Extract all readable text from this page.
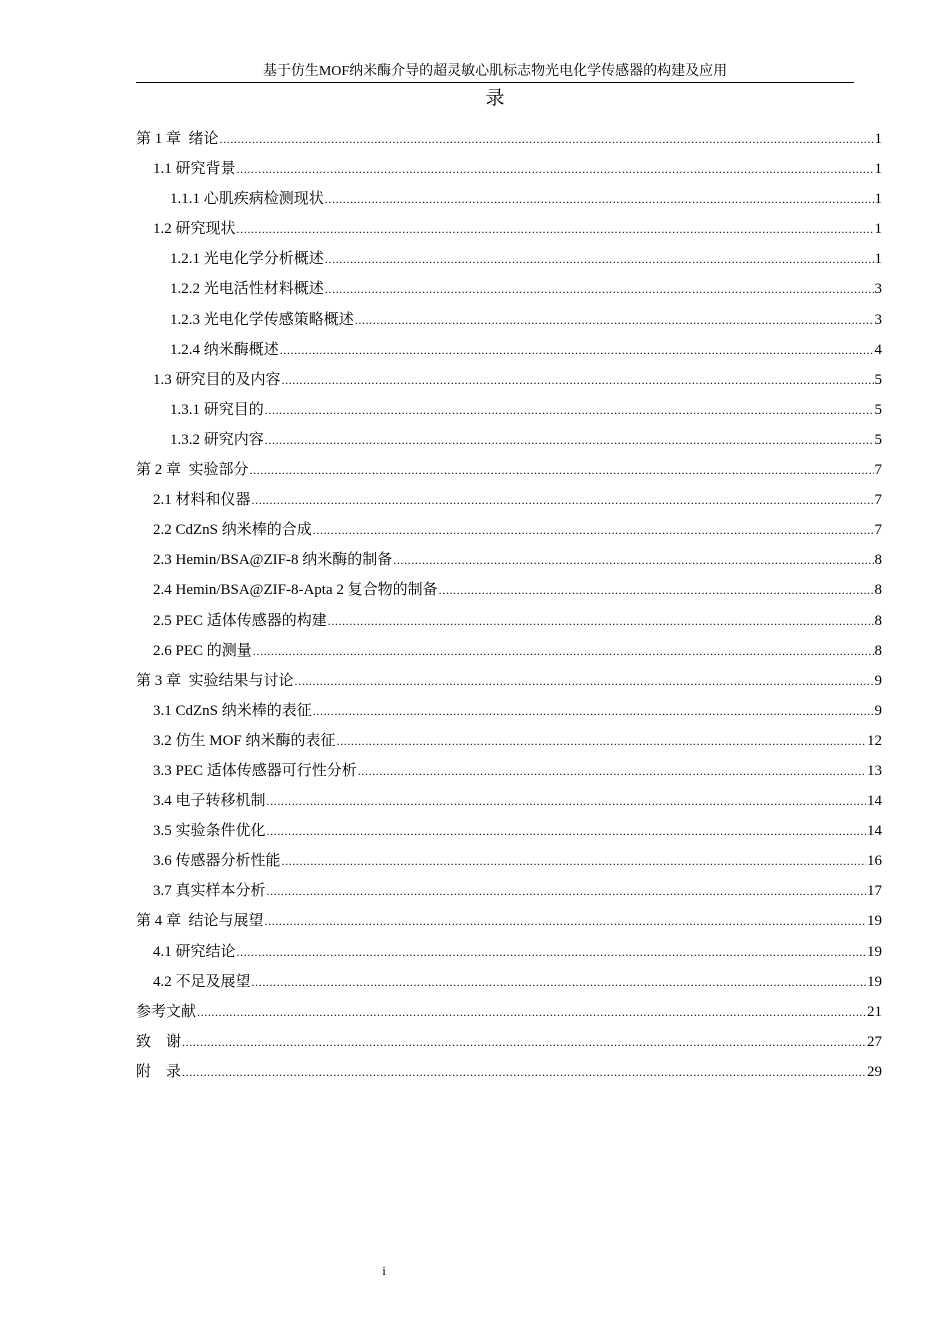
基于仿生MOF纳米酶介导的超灵敏心肌标志物光电化学传感器的构建及应用
录
第 1 章  绪论 .....	1
1.1 研究背景 .....	1
1.1.1 心肌疾病检测现状 .....	1
1.2 研究现状 .....	1
1.2.1 光电化学分析概述 .....	1
1.2.2 光电活性材料概述 .....	3
1.2.3 光电化学传感策略概述 .....	3
1.2.4 纳米酶概述 .....	4
1.3 研究目的及内容 .....	5
1.3.1 研究目的 .....	5
1.3.2 研究内容 .....	5
第 2 章  实验部分 .....	7
2.1 材料和仪器 .....	7
2.2 CdZnS 纳米棒的合成 .....	7
2.3 Hemin/BSA@ZIF-8 纳米酶的制备 .....	8
2.4 Hemin/BSA@ZIF-8-Apta 2 复合物的制备 .....	8
2.5 PEC 适体传感器的构建 .....	8
2.6 PEC 的测量 .....	8
第 3 章  实验结果与讨论 .....	9
3.1 CdZnS 纳米棒的表征 .....	9
3.2 仿生 MOF 纳米酶的表征 .....	12
3.3 PEC 适体传感器可行性分析 .....	13
3.4 电子转移机制 .....	14
3.5 实验条件优化 .....	14
3.6 传感器分析性能 .....	16
3.7 真实样本分析 .....	17
第 4 章  结论与展望 .....	19
4.1 研究结论 .....	19
4.2 不足及展望 .....	19
参考文献 .....	21
致    谢 .....	27
附    录 .....	29
i
